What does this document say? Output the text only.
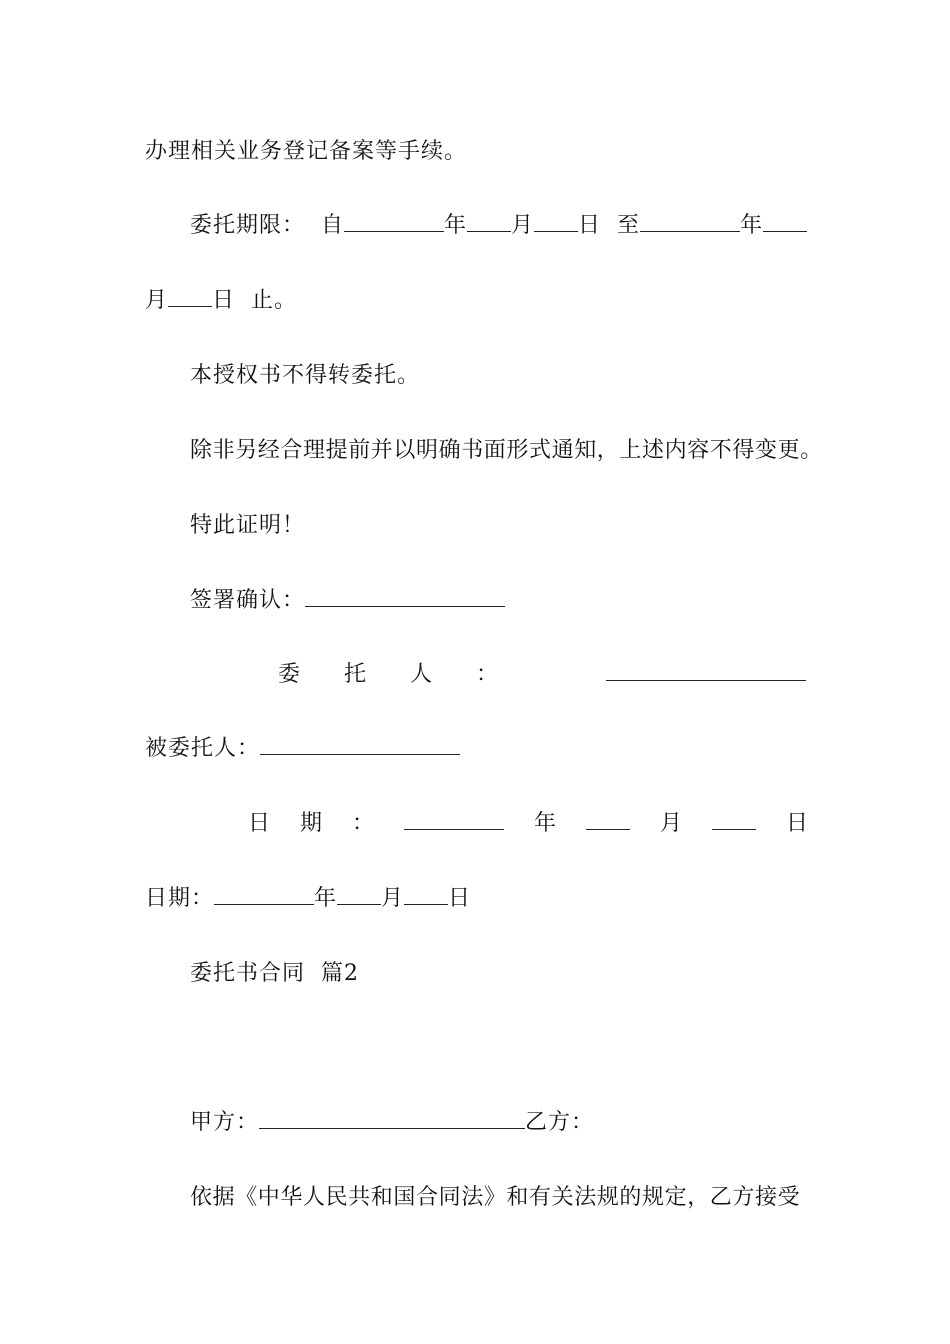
办理相关业务登记备案等手续。
委托期限：  自	年 月 日 至	年
月 日 止。
本授权书不得转委托。
除非另经合理提前并以明确书面形式通知，上述内容不得变更。
特此证明！
签署确认：
委 托 人 ：
被委托人：
日 期 ：	年	月	日
日期：	年 月 日
委托书合同  篇2
甲方：	乙方：
依据《中华人民共和国合同法》和有关法规的规定，乙方接受
